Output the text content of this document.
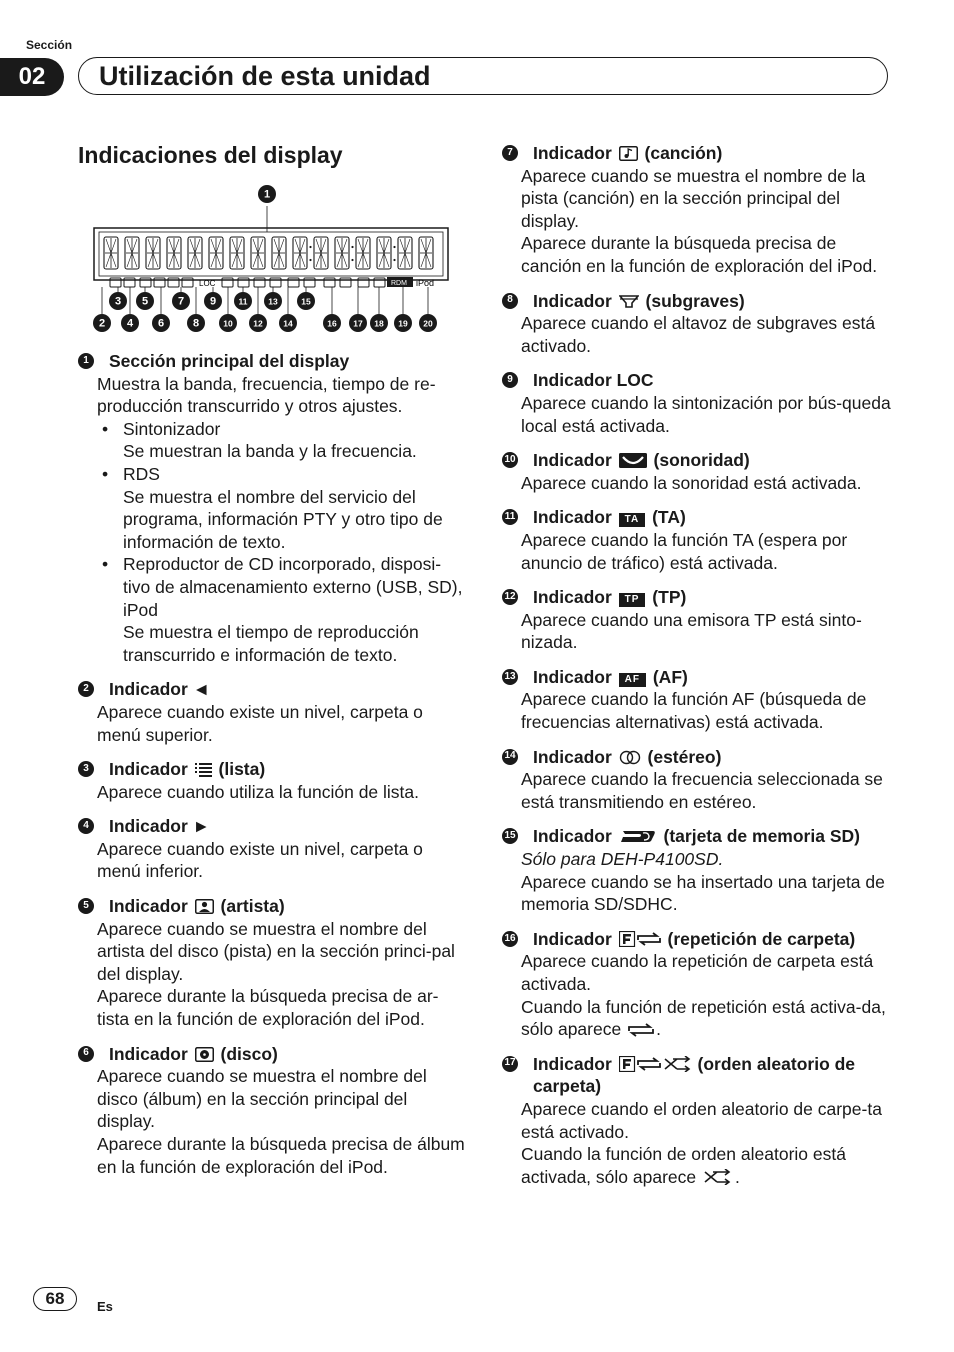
Sección
02	Utilización de esta unidad
Indicaciones del display
LOC	RDM iPod
1
2
3
4
5
6
7
8
9
10
11
12
13
14
15
16 17 18 19 20
1 Sección principal del display
Muestra la banda, frecuencia, tiempo de re-producción transcurrido y otros ajustes.
• Sintonizador
Se muestran la banda y la frecuencia.
• RDS
Se muestra el nombre del servicio del programa, información PTY y otro tipo de información de texto.
• Reproductor de CD incorporado, disposi-tivo de almacenamiento externo (USB, SD), iPod
Se muestra el tiempo de reproducción transcurrido e información de texto.
2 Indicador ◄
Aparece cuando existe un nivel, carpeta o menú superior.
3 Indicador (lista)
Aparece cuando utiliza la función de lista.
4 Indicador ►
Aparece cuando existe un nivel, carpeta o menú inferior.
5 Indicador (artista)
Aparece cuando se muestra el nombre del artista del disco (pista) en la sección princi-pal del display.
Aparece durante la búsqueda precisa de ar-tista en la función de exploración del iPod.
6 Indicador (disco)
Aparece cuando se muestra el nombre del disco (álbum) en la sección principal del display.
Aparece durante la búsqueda precisa de álbum en la función de exploración del iPod.
7 Indicador (canción)
Aparece cuando se muestra el nombre de la pista (canción) en la sección principal del display.
Aparece durante la búsqueda precisa de canción en la función de exploración del iPod.
8 Indicador (subgraves)
Aparece cuando el altavoz de subgraves está activado.
9 Indicador LOC
Aparece cuando la sintonización por bús-queda local está activada.
10 Indicador (sonoridad)
Aparece cuando la sonoridad está activada.
11 Indicador TA (TA)
Aparece cuando la función TA (espera por anuncio de tráfico) está activada.
12 Indicador TP (TP)
Aparece cuando una emisora TP está sinto-nizada.
13 Indicador AF (AF)
Aparece cuando la función AF (búsqueda de frecuencias alternativas) está activada.
14 Indicador (estéreo)
Aparece cuando la frecuencia seleccionada se está transmitiendo en estéreo.
15 Indicador	(tarjeta de memoria SD)
Sólo para DEH-P4100SD.
Aparece cuando se ha insertado una tarjeta de memoria SD/SDHC.
16 Indicador	(repetición de carpeta)
Aparece cuando la repetición de carpeta está activada.
Cuando la función de repetición está activa-da, sólo aparece .
17 Indicador	(orden aleatorio de carpeta)
Aparece cuando el orden aleatorio de carpe-ta está activado.
Cuando la función de orden aleatorio está activada, sólo aparece .
68	Es
